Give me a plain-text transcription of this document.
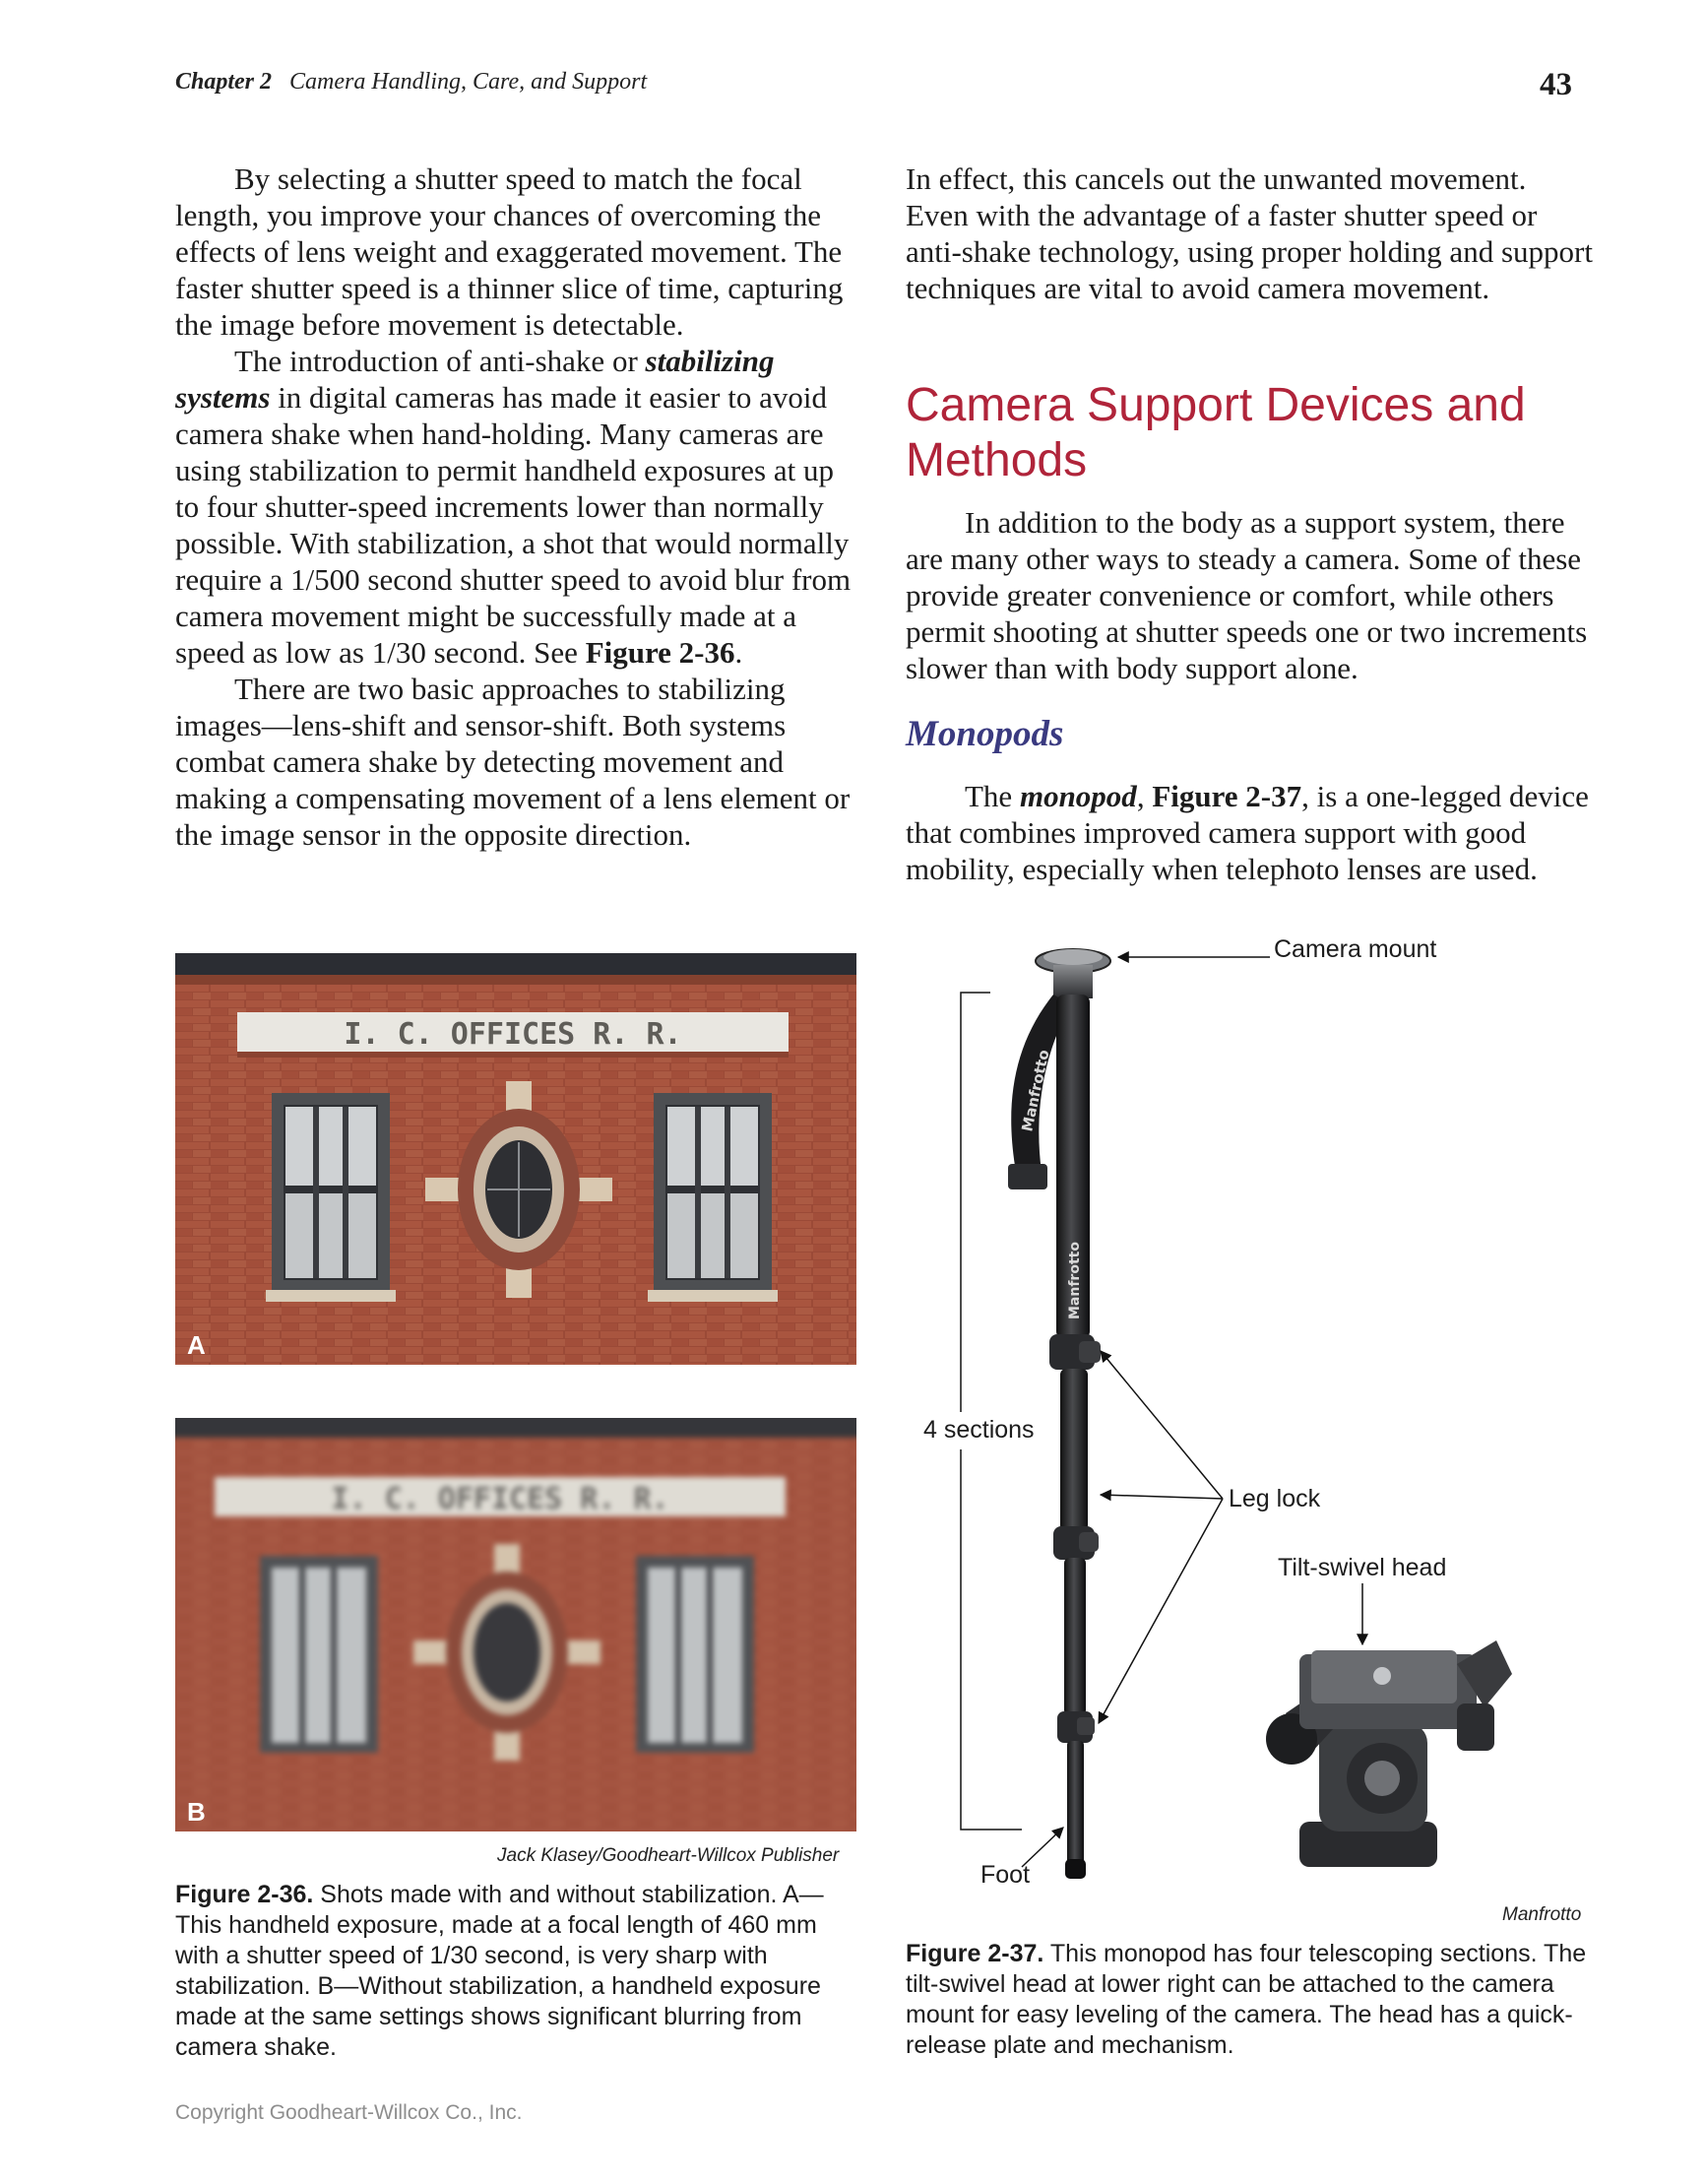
Chapter 2 Camera Handling, Care, and Support	43

By selecting a shutter speed to match the focal length, you improve your chances of overcoming the effects of lens weight and exaggerated movement. The faster shutter speed is a thinner slice of time, capturing the image before movement is detectable.

The introduction of anti-shake or stabilizing systems in digital cameras has made it easier to avoid camera shake when hand-holding. Many cameras are using stabilization to permit handheld exposures at up to four shutter-speed increments lower than normally possible. With stabilization, a shot that would normally require a 1/500 second shutter speed to avoid blur from camera movement might be successfully made at a speed as low as 1/30 second. See Figure 2-36.

There are two basic approaches to stabilizing images—lens-shift and sensor-shift. Both systems combat camera shake by detecting movement and making a compensating movement of a lens element or the image sensor in the opposite direction.

In effect, this cancels out the unwanted movement. Even with the advantage of a faster shutter speed or anti-shake technology, using proper holding and support techniques are vital to avoid camera movement.

Camera Support Devices and Methods

In addition to the body as a support system, there are many other ways to steady a camera. Some of these provide greater convenience or comfort, while others permit shooting at shutter speeds one or two increments slower than with body support alone.

Monopods

The monopod, Figure 2-37, is a one-legged device that combines improved camera support with good mobility, especially when telephoto lenses are used.

I. C. OFFICES R. R.
A
I. C. OFFICES R. R.
B
Jack Klasey/Goodheart-Willcox Publisher
Figure 2-36. Shots made with and without stabilization. A—This handheld exposure, made at a focal length of 460 mm with a shutter speed of 1/30 second, is very sharp with stabilization. B—Without stabilization, a handheld exposure made at the same settings shows significant blurring from camera shake.
Manfrotto
Manfrotto
Camera mount
4 sections
Leg lock
Tilt-swivel head
Foot
Manfrotto
Figure 2-37. This monopod has four telescoping sections. The tilt-swivel head at lower right can be attached to the camera mount for easy leveling of the camera. The head has a quick-release plate and mechanism.
Copyright Goodheart-Willcox Co., Inc.
